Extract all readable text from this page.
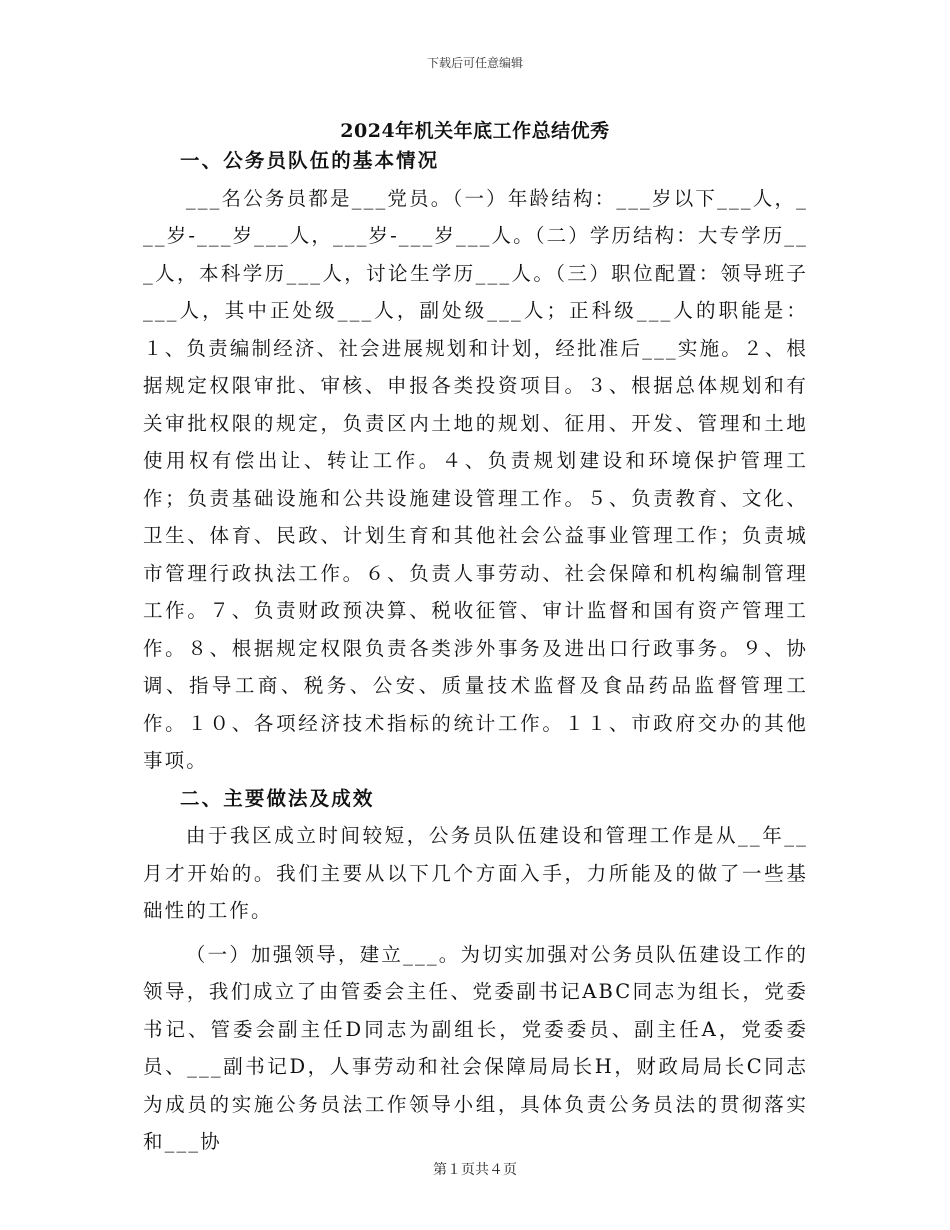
下载后可任意编辑
2024年机关年底工作总结优秀

一、公务员队伍的基本情况

___名公务员都是___党员。（一）年龄结构：___岁以下___人，___岁-___岁___人，___岁-___岁___人。（二）学历结构：大专学历___人，本科学历___人，讨论生学历___人。（三）职位配置：领导班子___人，其中正处级___人，副处级___人；正科级___人的职能是：１、负责编制经济、社会进展规划和计划，经批准后___实施。２、根据规定权限审批、审核、申报各类投资项目。３、根据总体规划和有关审批权限的规定，负责区内土地的规划、征用、开发、管理和土地使用权有偿出让、转让工作。４、负责规划建设和环境保护管理工作；负责基础设施和公共设施建设管理工作。５、负责教育、文化、卫生、体育、民政、计划生育和其他社会公益事业管理工作；负责城市管理行政执法工作。６、负责人事劳动、社会保障和机构编制管理工作。７、负责财政预决算、税收征管、审计监督和国有资产管理工作。８、根据规定权限负责各类涉外事务及进出口行政事务。９、协调、指导工商、税务、公安、质量技术监督及食品药品监督管理工作。１０、各项经济技术指标的统计工作。１１、市政府交办的其他事项。

二、主要做法及成效

由于我区成立时间较短，公务员队伍建设和管理工作是从__年__月才开始的。我们主要从以下几个方面入手，力所能及的做了一些基础性的工作。

（一）加强领导，建立___。为切实加强对公务员队伍建设工作的领导，我们成立了由管委会主任、党委副书记ABC同志为组长，党委书记、管委会副主任D同志为副组长，党委委员、副主任A，党委委员、___副书记D，人事劳动和社会保障局局长H，财政局局长C同志为成员的实施公务员法工作领导小组，具体负责公务员法的贯彻落实和___协

第１页共４页
